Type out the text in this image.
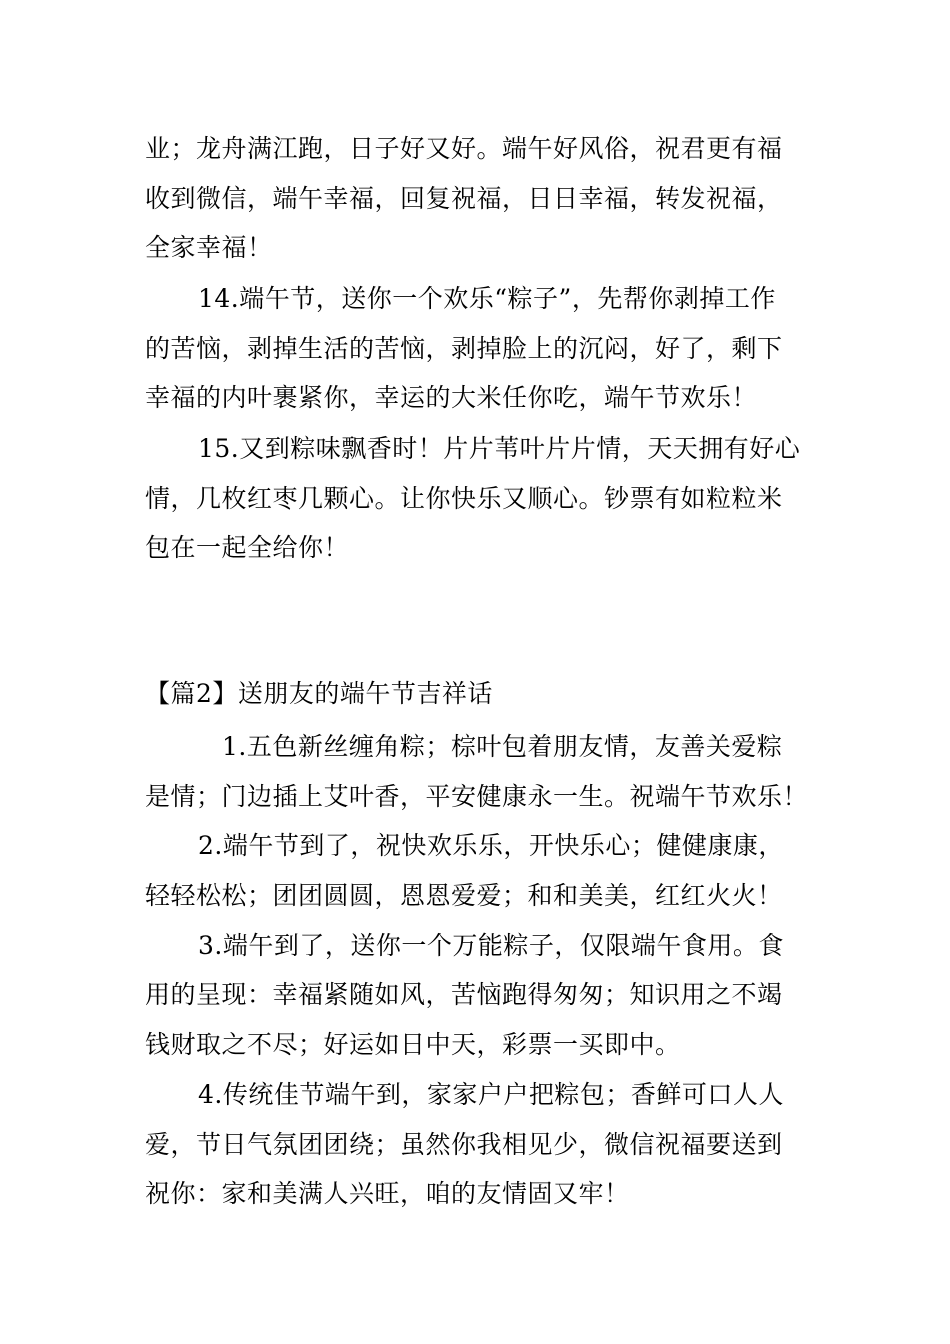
业；龙舟满江跑，日子好又好。端午好风俗，祝君更有福
收到微信，端午幸福，回复祝福，日日幸福，转发祝福，
全家幸福！
14.端午节，送你一个欢乐“粽子”，先帮你剥掉工作
的苦恼，剥掉生活的苦恼，剥掉脸上的沉闷，好了，剩下
幸福的内叶裹紧你，幸运的大米任你吃，端午节欢乐！
15.又到粽味飘香时！片片苇叶片片情，天天拥有好心
情，几枚红枣几颗心。让你快乐又顺心。钞票有如粒粒米
包在一起全给你！
【篇2】送朋友的端午节吉祥话
1.五色新丝缠角粽；棕叶包着朋友情，友善关爱粽
是情；门边插上艾叶香，平安健康永一生。祝端午节欢乐！
2.端午节到了，祝快欢乐乐，开快乐心；健健康康，
轻轻松松；团团圆圆，恩恩爱爱；和和美美，红红火火！
3.端午到了，送你一个万能粽子，仅限端午食用。食
用的呈现：幸福紧随如风，苦恼跑得匆匆；知识用之不竭
钱财取之不尽；好运如日中天，彩票一买即中。
4.传统佳节端午到，家家户户把粽包；香鲜可口人人
爱，节日气氛团团绕；虽然你我相见少，微信祝福要送到
祝你：家和美满人兴旺，咱的友情固又牢！
